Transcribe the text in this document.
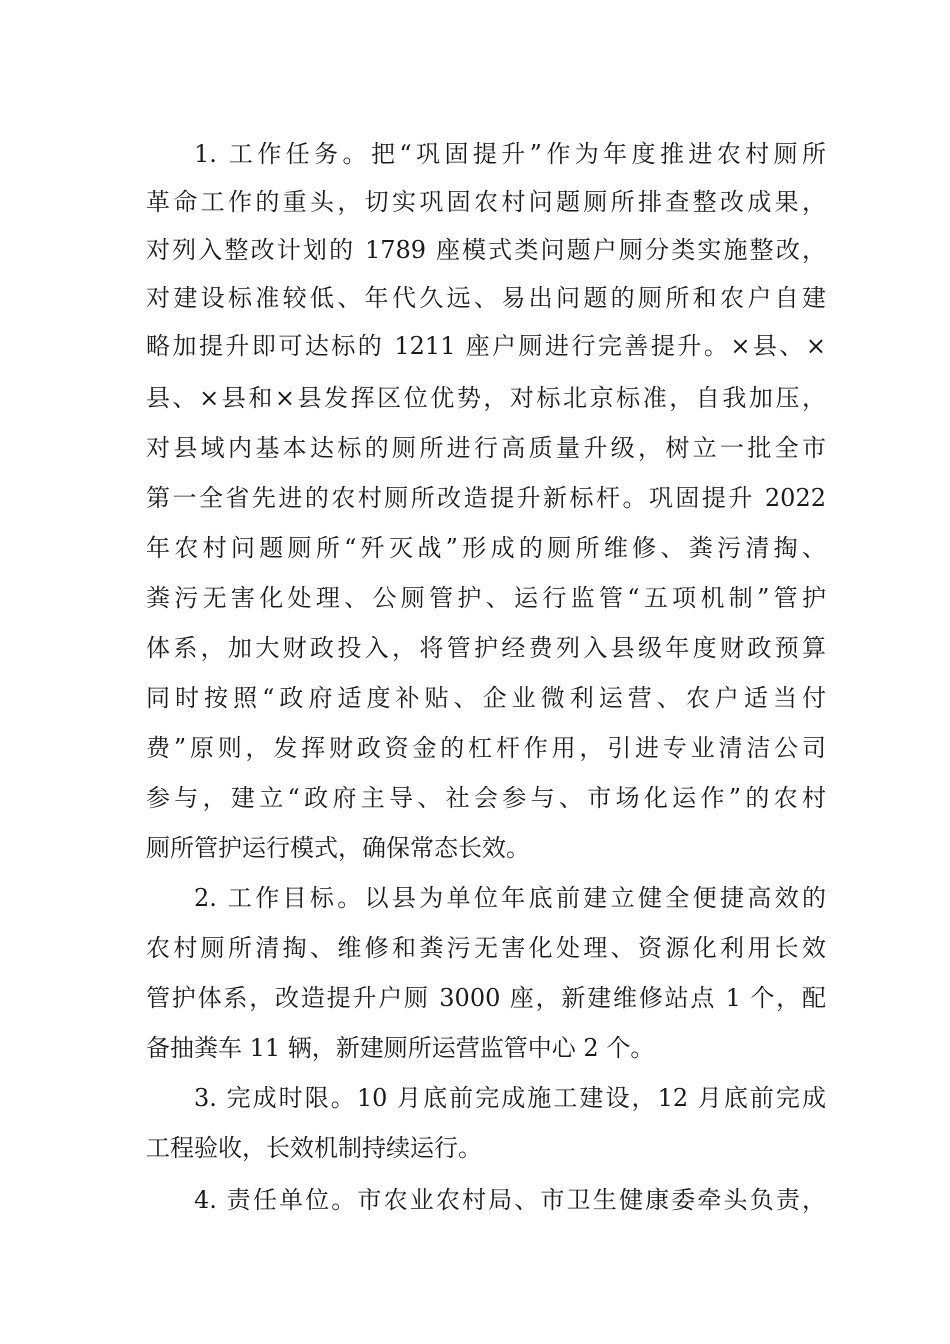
1. 工作任务。把“巩固提升”作为年度推进农村厕所
革命工作的重头，切实巩固农村问题厕所排查整改成果，
对列入整改计划的 1789 座模式类问题户厕分类实施整改，
对建设标准较低、年代久远、易出问题的厕所和农户自建
略加提升即可达标的 1211 座户厕进行完善提升。×县、×
县、×县和×县发挥区位优势，对标北京标准，自我加压，
对县域内基本达标的厕所进行高质量升级，树立一批全市
第一全省先进的农村厕所改造提升新标杆。巩固提升 2022
年农村问题厕所“歼灭战”形成的厕所维修、粪污清掏、
粪污无害化处理、公厕管护、运行监管“五项机制”管护
体系，加大财政投入，将管护经费列入县级年度财政预算
同时按照“政府适度补贴、企业微利运营、农户适当付
费”原则，发挥财政资金的杠杆作用，引进专业清洁公司
参与，建立“政府主导、社会参与、市场化运作”的农村
厕所管护运行模式，确保常态长效。
2. 工作目标。以县为单位年底前建立健全便捷高效的
农村厕所清掏、维修和粪污无害化处理、资源化利用长效
管护体系，改造提升户厕 3000 座，新建维修站点 1 个，配
备抽粪车 11 辆，新建厕所运营监管中心 2 个。
3. 完成时限。10 月底前完成施工建设，12 月底前完成
工程验收，长效机制持续运行。
4. 责任单位。市农业农村局、市卫生健康委牵头负责，
